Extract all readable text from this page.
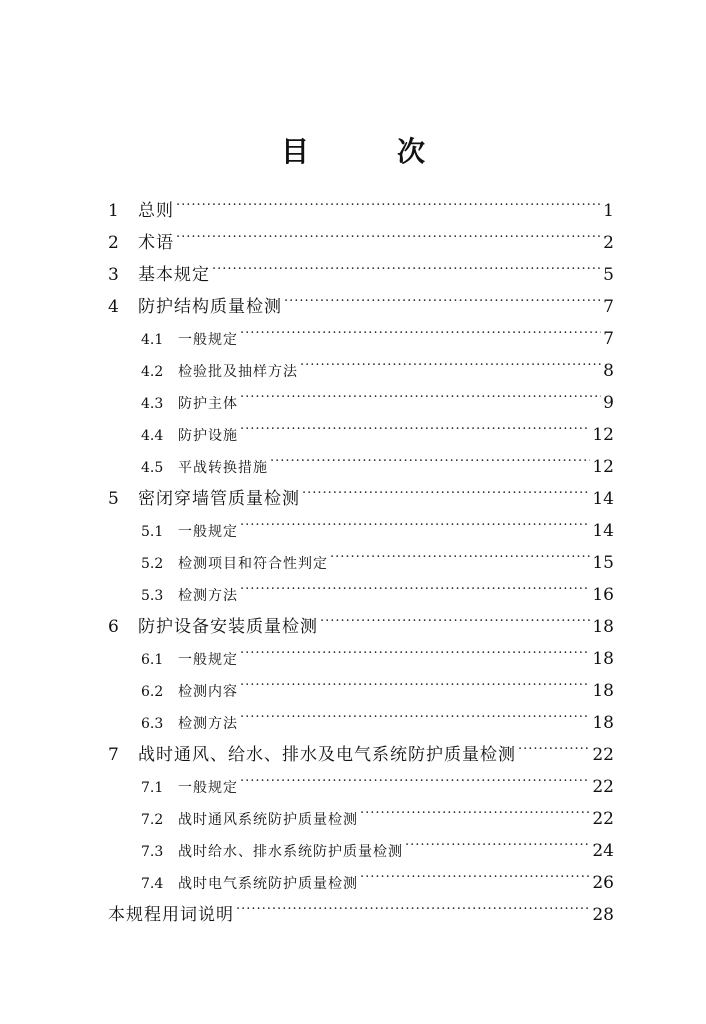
目　次
1	总则 .....	1
2	术语 .....	2
3	基本规定 .....	5
4	防护结构质量检测 .....	7
4.1	一般规定 .....	7
4.2	检验批及抽样方法 .....	8
4.3	防护主体 .....	9
4.4	防护设施 .....	12
4.5	平战转换措施 .....	12
5	密闭穿墙管质量检测 .....	14
5.1	一般规定 .....	14
5.2	检测项目和符合性判定 .....	15
5.3	检测方法 .....	16
6	防护设备安装质量检测 .....	18
6.1	一般规定 .....	18
6.2	检测内容 .....	18
6.3	检测方法 .....	18
7	战时通风、给水、排水及电气系统防护质量检测 .....	22
7.1	一般规定 .....	22
7.2	战时通风系统防护质量检测 .....	22
7.3	战时给水、排水系统防护质量检测 .....	24
7.4	战时电气系统防护质量检测 .....	26
本规程用词说明 .....	28
